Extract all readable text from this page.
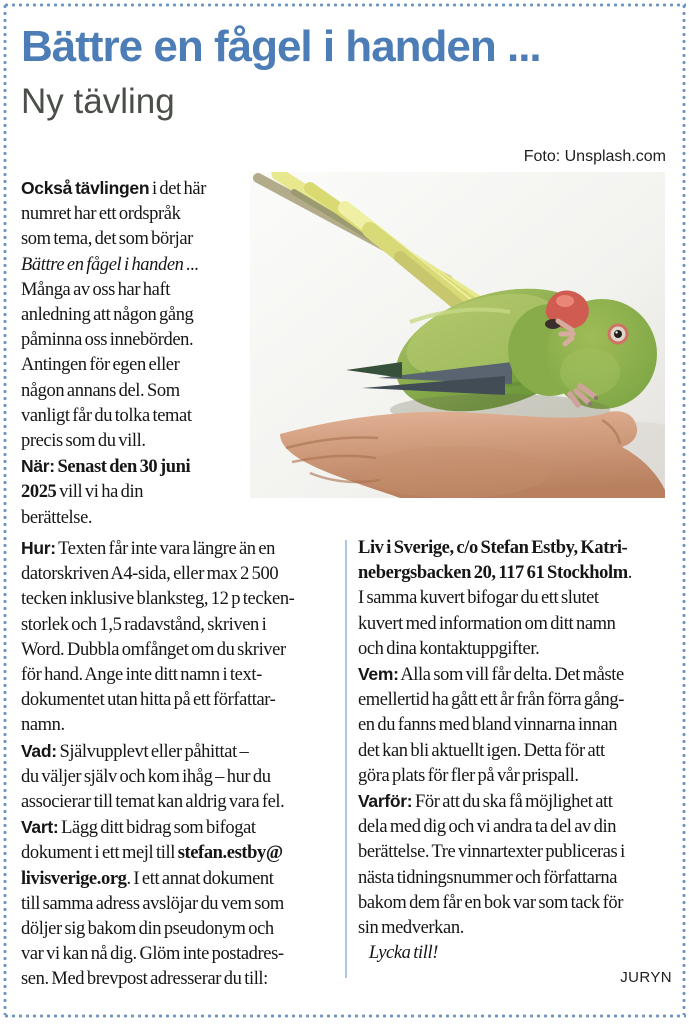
Bättre en fågel i handen ...
Ny tävling
Foto: Unsplash.com
Också tävlingen i det här
numret har ett ordspråk
som tema, det som börjar
Bättre en fågel i handen ...
Många av oss har haft
anledning att någon gång
påminna oss innebörden.
Antingen för egen eller
någon annans del. Som
vanligt får du tolka temat
precis som du vill.
När: Senast den 30 juni
2025 vill vi ha din
berättelse.
Hur: Texten får inte vara längre än en
datorskriven A4-sida, eller max 2 500
tecken inklusive blanksteg, 12 p tecken-
storlek och 1,5 radavstånd, skriven i
Word. Dubbla omfånget om du skriver
för hand. Ange inte ditt namn i text-
dokumentet utan hitta på ett författar-
namn.
Vad: Självupplevt eller påhittat –
du väljer själv och kom ihåg – hur du
associerar till temat kan aldrig vara fel.
Vart: Lägg ditt bidrag som bifogat
dokument i ett mejl till stefan.estby@
livisverige.org. I ett annat dokument
till samma adress avslöjar du vem som
döljer sig bakom din pseudonym och
var vi kan nå dig. Glöm inte postadres-
sen. Med brevpost adresserar du till:
Liv i Sverige, c/o Stefan Estby, Katri-
nebergsbacken 20, 117 61 Stockholm.
I samma kuvert bifogar du ett slutet
kuvert med information om ditt namn
och dina kontaktuppgifter.
Vem: Alla som vill får delta. Det måste
emellertid ha gått ett år från förra gång-
en du fanns med bland vinnarna innan
det kan bli aktuellt igen. Detta för att
göra plats för fler på vår prispall.
Varför: För att du ska få möjlighet att
dela med dig och vi andra ta del av din
berättelse. Tre vinnartexter publiceras i
nästa tidningsnummer och författarna
bakom dem får en bok var som tack för
sin medverkan.
Lycka till!
JURYN
